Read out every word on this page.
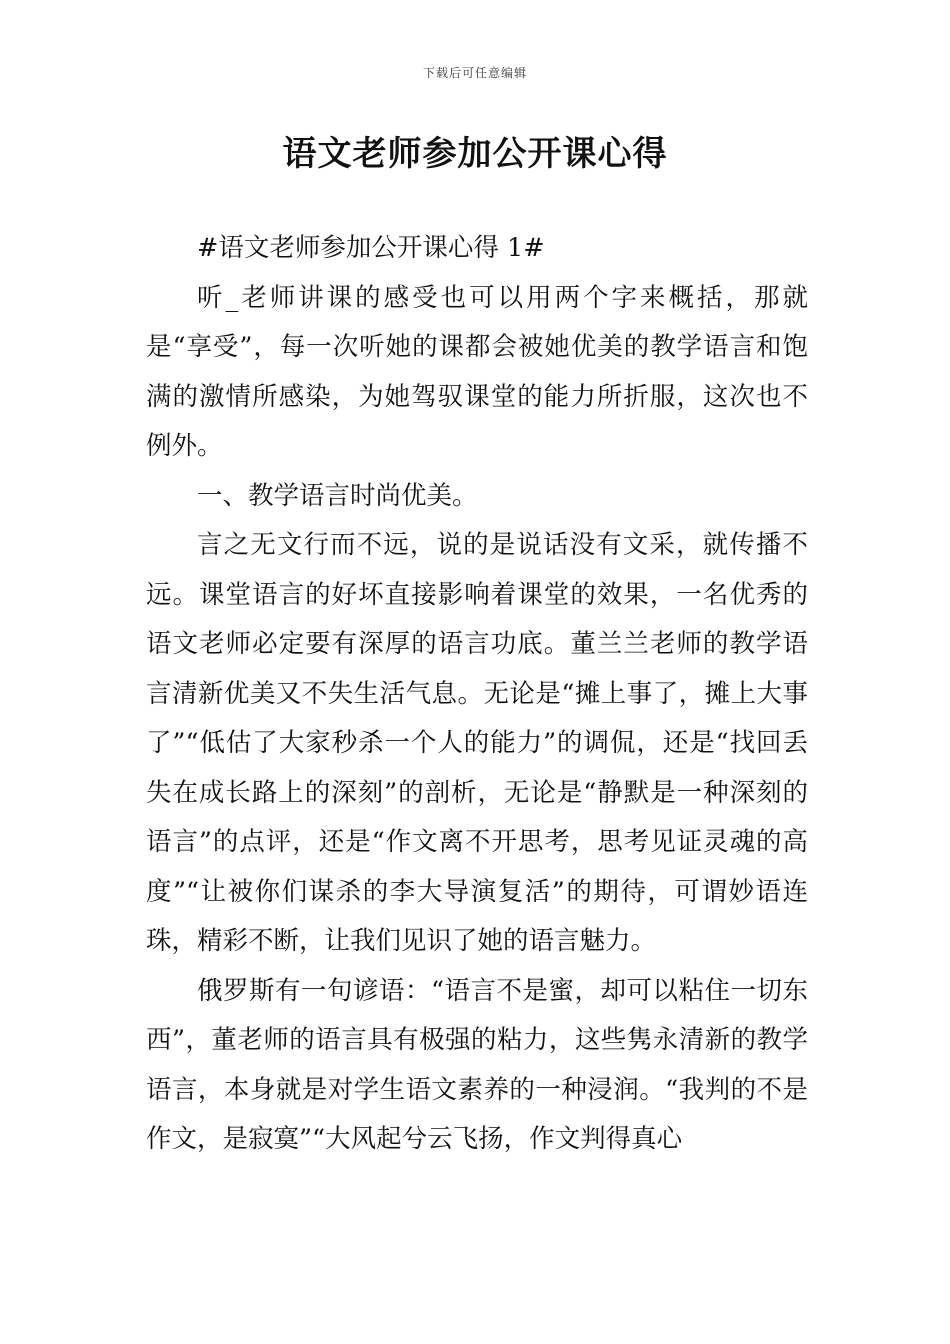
下载后可任意编辑
语文老师参加公开课心得

#语文老师参加公开课心得 1#

听_老师讲课的感受也可以用两个字来概括，那就是“享受”，每一次听她的课都会被她优美的教学语言和饱满的激情所感染，为她驾驭课堂的能力所折服，这次也不例外。

一、教学语言时尚优美。

言之无文行而不远，说的是说话没有文采，就传播不远。课堂语言的好坏直接影响着课堂的效果，一名优秀的语文老师必定要有深厚的语言功底。董兰兰老师的教学语言清新优美又不失生活气息。无论是“摊上事了，摊上大事了”“低估了大家秒杀一个人的能力”的调侃，还是“找回丢失在成长路上的深刻”的剖析，无论是“静默是一种深刻的语言”的点评，还是“作文离不开思考，思考见证灵魂的高度”“让被你们谋杀的李大导演复活”的期待，可谓妙语连珠，精彩不断，让我们见识了她的语言魅力。

俄罗斯有一句谚语：“语言不是蜜，却可以粘住一切东西”，董老师的语言具有极强的粘力，这些隽永清新的教学语言，本身就是对学生语文素养的一种浸润。“我判的不是作文，是寂寞”“大风起兮云飞扬，作文判得真心
